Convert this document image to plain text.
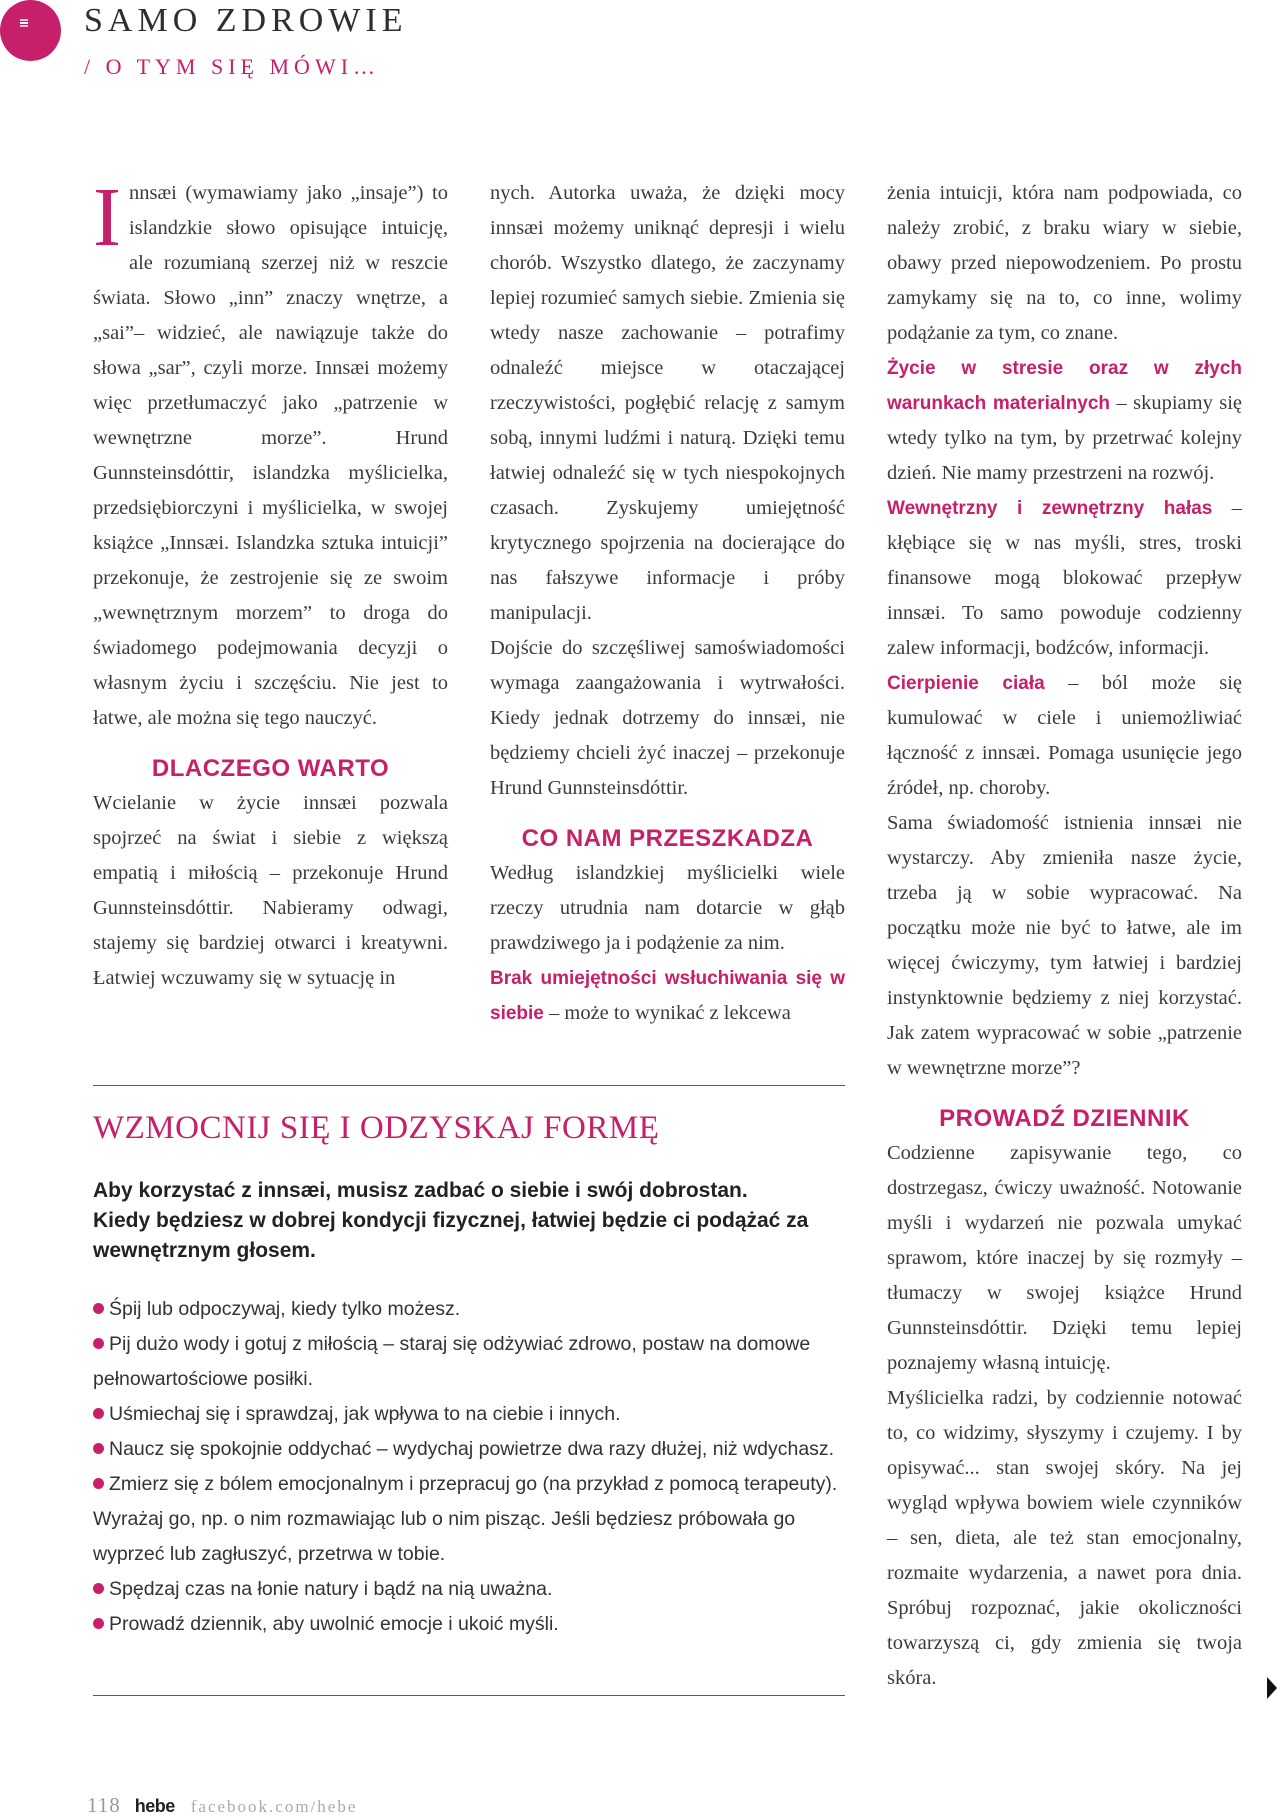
SAMO ZDROWIE
/ O TYM SIĘ MÓWI…

Innsæi (wymawiamy jako „insaje”) to islandzkie słowo opisujące intuicję, ale rozumianą szerzej niż w reszcie świata. Słowo „inn” znaczy wnętrze, a „sai”– widzieć, ale nawiązuje także do słowa „sar”, czyli morze. Innsæi możemy więc przetłumaczyć jako „patrzenie w wewnętrzne morze”. Hrund Gunnsteinsdóttir, islandzka myślicielka, przedsiębiorczyni i myślicielka, w swojej książce „Innsæi. Islandzka sztuka intuicji” przekonuje, że zestrojenie się ze swoim „wewnętrznym morzem” to droga do świadomego podejmowania decyzji o własnym życiu i szczęściu. Nie jest to łatwe, ale można się tego nauczyć.

DLACZEGO WARTO

Wcielanie w życie innsæi pozwala spojrzeć na świat i siebie z większą empatią i miłością – przekonuje Hrund Gunnsteinsdóttir. Nabieramy odwagi, stajemy się bardziej otwarci i kreatywni. Łatwiej wczuwamy się w sytuację in

nych. Autorka uważa, że dzięki mocy innsæi możemy uniknąć depresji i wielu chorób. Wszystko dlatego, że zaczynamy lepiej rozumieć samych siebie. Zmienia się wtedy nasze zachowanie – potrafimy odnaleźć miejsce w otaczającej rzeczywistości, pogłębić relację z samym sobą, innymi ludźmi i naturą. Dzięki temu łatwiej odnaleźć się w tych niespokojnych czasach. Zyskujemy umiejętność krytycznego spojrzenia na docierające do nas fałszywe informacje i próby manipulacji.

Dojście do szczęśliwej samoświadomości wymaga zaangażowania i wytrwałości. Kiedy jednak dotrzemy do innsæi, nie będziemy chcieli żyć inaczej – przekonuje Hrund Gunnsteinsdóttir.

CO NAM PRZESZKADZA

Według islandzkiej myślicielki wiele rzeczy utrudnia nam dotarcie w głąb prawdziwego ja i podążenie za nim.

Brak umiejętności wsłuchiwania się w siebie – może to wynikać z lekcewa

żenia intuicji, która nam podpowiada, co należy zrobić, z braku wiary w siebie, obawy przed niepowodzeniem. Po prostu zamykamy się na to, co inne, wolimy podążanie za tym, co znane.

Życie w stresie oraz w złych warunkach materialnych – skupiamy się wtedy tylko na tym, by przetrwać kolejny dzień. Nie mamy przestrzeni na rozwój.

Wewnętrzny i zewnętrzny hałas – kłębiące się w nas myśli, stres, troski finansowe mogą blokować przepływ innsæi. To samo powoduje codzienny zalew informacji, bodźców, informacji.

Cierpienie ciała – ból może się kumulować w ciele i uniemożliwiać łączność z innsæi. Pomaga usunięcie jego źródeł, np. choroby.

Sama świadomość istnienia innsæi nie wystarczy. Aby zmieniła nasze życie, trzeba ją w sobie wypracować. Na początku może nie być to łatwe, ale im więcej ćwiczymy, tym łatwiej i bardziej instynktownie będziemy z niej korzystać. Jak zatem wypracować w sobie „patrzenie w wewnętrzne morze”?

PROWADŹ DZIENNIK

Codzienne zapisywanie tego, co dostrzegasz, ćwiczy uważność. Notowanie myśli i wydarzeń nie pozwala umykać sprawom, które inaczej by się rozmyły – tłumaczy w swojej książce Hrund Gunnsteinsdóttir. Dzięki temu lepiej poznajemy własną intuicję.

Myślicielka radzi, by codziennie notować to, co widzimy, słyszymy i czujemy. I by opisywać... stan swojej skóry. Na jej wygląd wpływa bowiem wiele czynników – sen, dieta, ale też stan emocjonalny, rozmaite wydarzenia, a nawet pora dnia. Spróbuj rozpoznać, jakie okoliczności towarzyszą ci, gdy zmienia się twoja skóra.

WZMOCNIJ SIĘ I ODZYSKAJ FORMĘ

Aby korzystać z innsæi, musisz zadbać o siebie i swój dobrostan.

Kiedy będziesz w dobrej kondycji fizycznej, łatwiej będzie ci podążać za wewnętrznym głosem.

Śpij lub odpoczywaj, kiedy tylko możesz.
Pij dużo wody i gotuj z miłością – staraj się odżywiać zdrowo, postaw na domowe pełnowartościowe posiłki.
Uśmiechaj się i sprawdzaj, jak wpływa to na ciebie i innych.
Naucz się spokojnie oddychać – wydychaj powietrze dwa razy dłużej, niż wdychasz.
Zmierz się z bólem emocjonalnym i przepracuj go (na przykład z pomocą terapeuty). Wyrażaj go, np. o nim rozmawiając lub o nim pisząc. Jeśli będziesz próbowała go wyprzeć lub zagłuszyć, przetrwa w tobie.
Spędzaj czas na łonie natury i bądź na nią uważna.
Prowadź dziennik, aby uwolnić emocje i ukoić myśli.
118 hebe facebook.com/hebe
